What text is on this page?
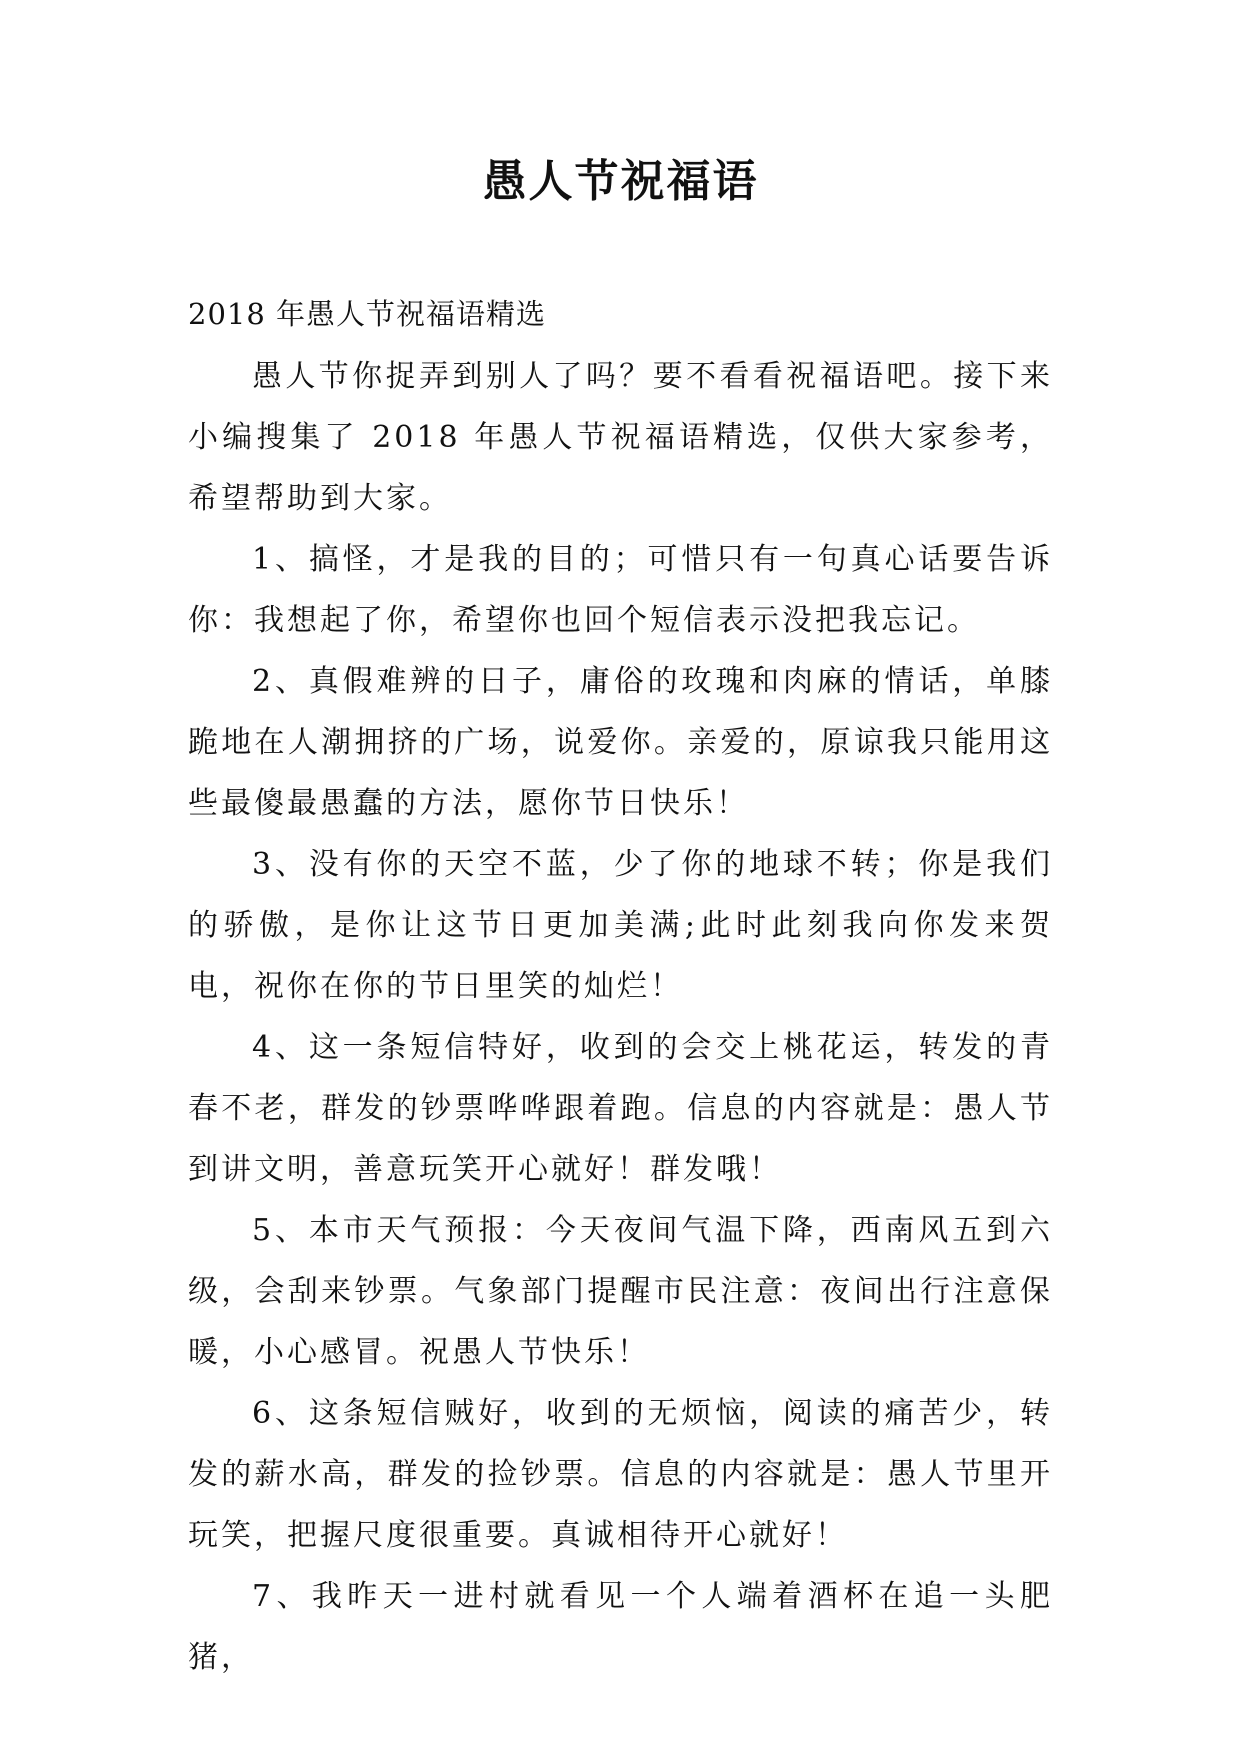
愚人节祝福语
2018 年愚人节祝福语精选

愚人节你捉弄到别人了吗？要不看看祝福语吧。接下来小编搜集了 2018 年愚人节祝福语精选，仅供大家参考，希望帮助到大家。

1、搞怪，才是我的目的；可惜只有一句真心话要告诉你：我想起了你，希望你也回个短信表示没把我忘记。

2、真假难辨的日子，庸俗的玫瑰和肉麻的情话，单膝跪地在人潮拥挤的广场，说爱你。亲爱的，原谅我只能用这些最傻最愚蠢的方法，愿你节日快乐！

3、没有你的天空不蓝，少了你的地球不转；你是我们的骄傲，是你让这节日更加美满;此时此刻我向你发来贺电，祝你在你的节日里笑的灿烂！

4、这一条短信特好，收到的会交上桃花运，转发的青春不老，群发的钞票哗哗跟着跑。信息的内容就是：愚人节到讲文明，善意玩笑开心就好！群发哦！

5、本市天气预报：今天夜间气温下降，西南风五到六级，会刮来钞票。气象部门提醒市民注意：夜间出行注意保暖，小心感冒。祝愚人节快乐！

6、这条短信贼好，收到的无烦恼，阅读的痛苦少，转发的薪水高，群发的捡钞票。信息的内容就是：愚人节里开玩笑，把握尺度很重要。真诚相待开心就好！

7、我昨天一进村就看见一个人端着酒杯在追一头肥猪，
